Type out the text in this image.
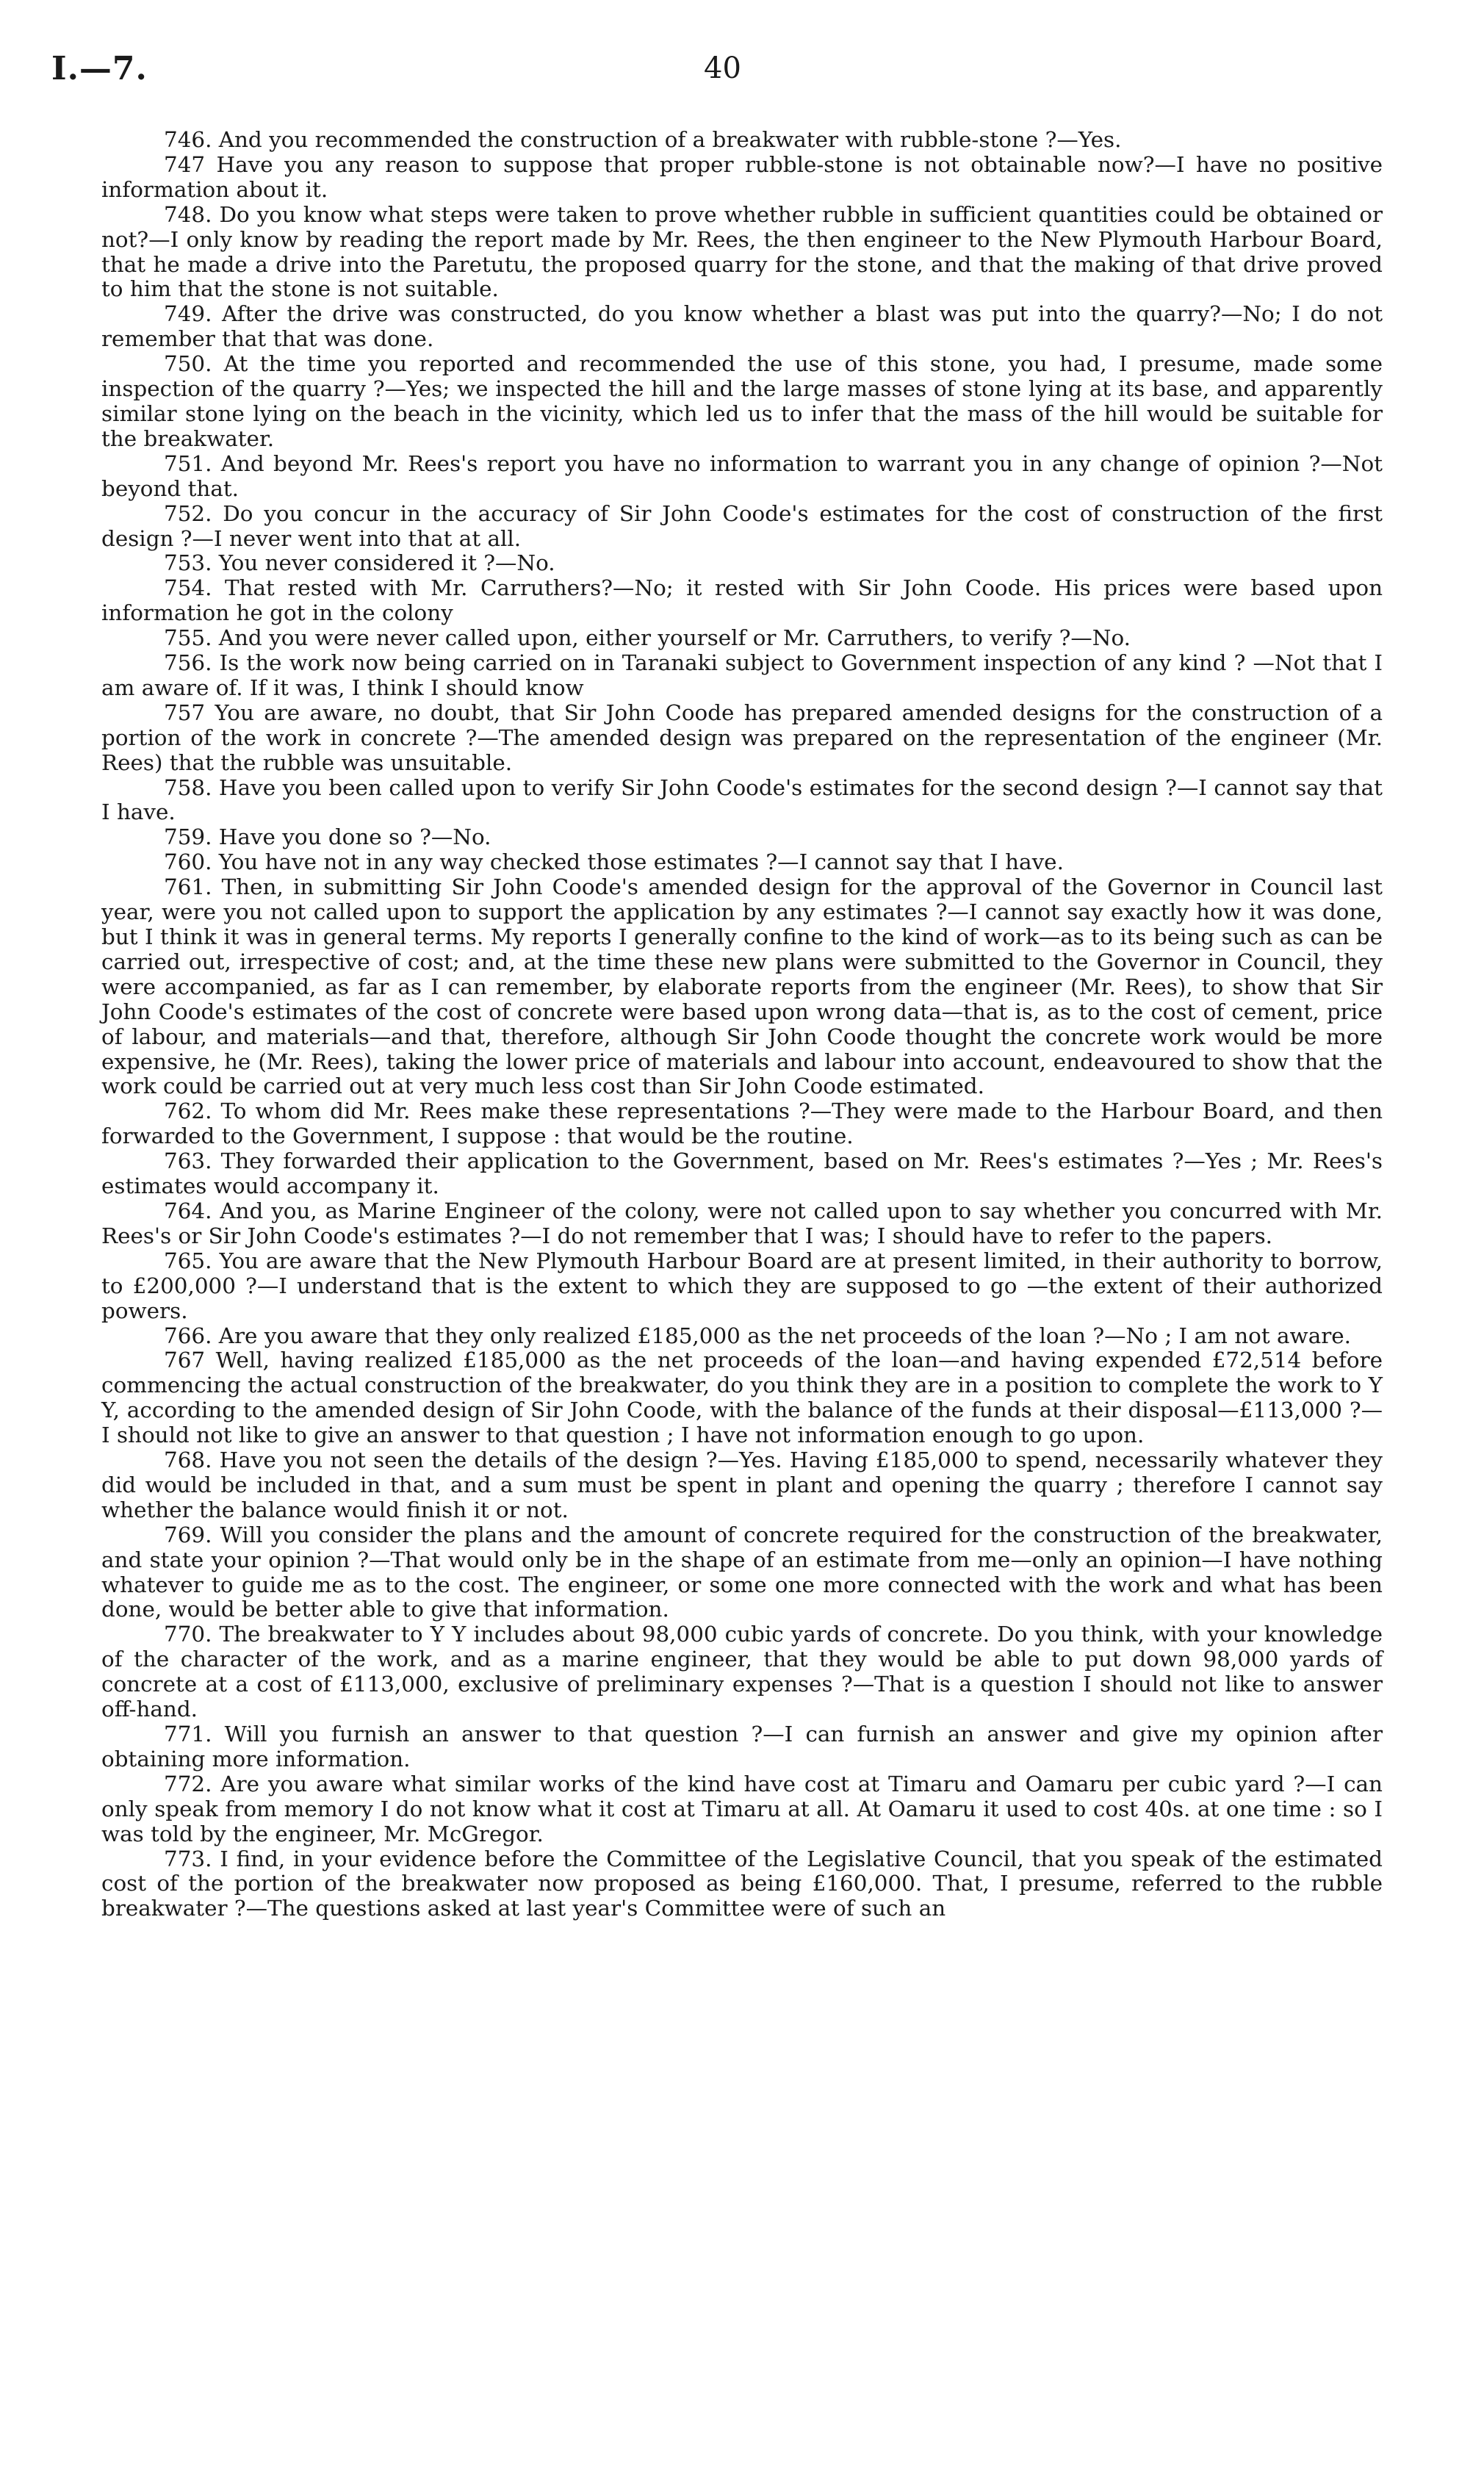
I.—7.	40

746. And you recommended the construction of a breakwater with rubble-stone ?—Yes.

747 Have you any reason to suppose that proper rubble-stone is not obtainable now?—I have no positive information about it.

748. Do you know what steps were taken to prove whether rubble in sufficient quantities could be obtained or not?—I only know by reading the report made by Mr. Rees, the then engineer to the New Plymouth Harbour Board, that he made a drive into the Paretutu, the proposed quarry for the stone, and that the making of that drive proved to him that the stone is not suitable.

749. After the drive was constructed, do you know whether a blast was put into the quarry?—No; I do not remember that that was done.

750. At the time you reported and recommended the use of this stone, you had, I presume, made some inspection of the quarry ?—Yes; we inspected the hill and the large masses of stone lying at its base, and apparently similar stone lying on the beach in the vicinity, which led us to infer that the mass of the hill would be suitable for the breakwater.

751. And beyond Mr. Rees's report you have no information to warrant you in any change of opinion ?—Not beyond that.

752. Do you concur in the accuracy of Sir John Coode's estimates for the cost of construction of the first design ?—I never went into that at all.

753. You never considered it ?—No.

754. That rested with Mr. Carruthers?—No; it rested with Sir John Coode. His prices were based upon information he got in the colony

755. And you were never called upon, either yourself or Mr. Carruthers, to verify ?—No.

756. Is the work now being carried on in Taranaki subject to Government inspection of any kind ? —Not that I am aware of. If it was, I think I should know

757 You are aware, no doubt, that Sir John Coode has prepared amended designs for the construction of a portion of the work in concrete ?—The amended design was prepared on the representation of the engineer (Mr. Rees) that the rubble was unsuitable.

758. Have you been called upon to verify Sir John Coode's estimates for the second design ?—I cannot say that I have.

759. Have you done so ?—No.

760. You have not in any way checked those estimates ?—I cannot say that I have.

761. Then, in submitting Sir John Coode's amended design for the approval of the Governor in Council last year, were you not called upon to support the application by any estimates ?—I cannot say exactly how it was done, but I think it was in general terms. My reports I generally confine to the kind of work—as to its being such as can be carried out, irrespective of cost; and, at the time these new plans were submitted to the Governor in Council, they were accompanied, as far as I can remember, by elaborate reports from the engineer (Mr. Rees), to show that Sir John Coode's estimates of the cost of concrete were based upon wrong data—that is, as to the cost of cement, price of labour, and materials—and that, therefore, although Sir John Coode thought the concrete work would be more expensive, he (Mr. Rees), taking the lower price of materials and labour into account, endeavoured to show that the work could be carried out at very much less cost than Sir John Coode estimated.

762. To whom did Mr. Rees make these representations ?—They were made to the Harbour Board, and then forwarded to the Government, I suppose : that would be the routine.

763. They forwarded their application to the Government, based on Mr. Rees's estimates ?—Yes ; Mr. Rees's estimates would accompany it.

764. And you, as Marine Engineer of the colony, were not called upon to say whether you concurred with Mr. Rees's or Sir John Coode's estimates ?—I do not remember that I was; I should have to refer to the papers.

765. You are aware that the New Plymouth Harbour Board are at present limited, in their authority to borrow, to £200,000 ?—I understand that is the extent to which they are supposed to go —the extent of their authorized powers.

766. Are you aware that they only realized £185,000 as the net proceeds of the loan ?—No ; I am not aware.

767 Well, having realized £185,000 as the net proceeds of the loan—and having expended £72,514 before commencing the actual construction of the breakwater, do you think they are in a position to complete the work to Y Y, according to the amended design of Sir John Coode, with the balance of the funds at their disposal—£113,000 ?—I should not like to give an answer to that question ; I have not information enough to go upon.

768. Have you not seen the details of the design ?—Yes. Having £185,000 to spend, necessarily whatever they did would be included in that, and a sum must be spent in plant and opening the quarry ; therefore I cannot say whether the balance would finish it or not.

769. Will you consider the plans and the amount of concrete required for the construction of the breakwater, and state your opinion ?—That would only be in the shape of an estimate from me—only an opinion—I have nothing whatever to guide me as to the cost. The engineer, or some one more connected with the work and what has been done, would be better able to give that information.

770. The breakwater to Y Y includes about 98,000 cubic yards of concrete. Do you think, with your knowledge of the character of the work, and as a marine engineer, that they would be able to put down 98,000 yards of concrete at a cost of £113,000, exclusive of preliminary expenses ?—That is a question I should not like to answer off-hand.

771. Will you furnish an answer to that question ?—I can furnish an answer and give my opinion after obtaining more information.

772. Are you aware what similar works of the kind have cost at Timaru and Oamaru per cubic yard ?—I can only speak from memory I do not know what it cost at Timaru at all. At Oamaru it used to cost 40s. at one time : so I was told by the engineer, Mr. McGregor.

773. I find, in your evidence before the Committee of the Legislative Council, that you speak of the estimated cost of the portion of the breakwater now proposed as being £160,000. That, I presume, referred to the rubble breakwater ?—The questions asked at last year's Committee were of such an
